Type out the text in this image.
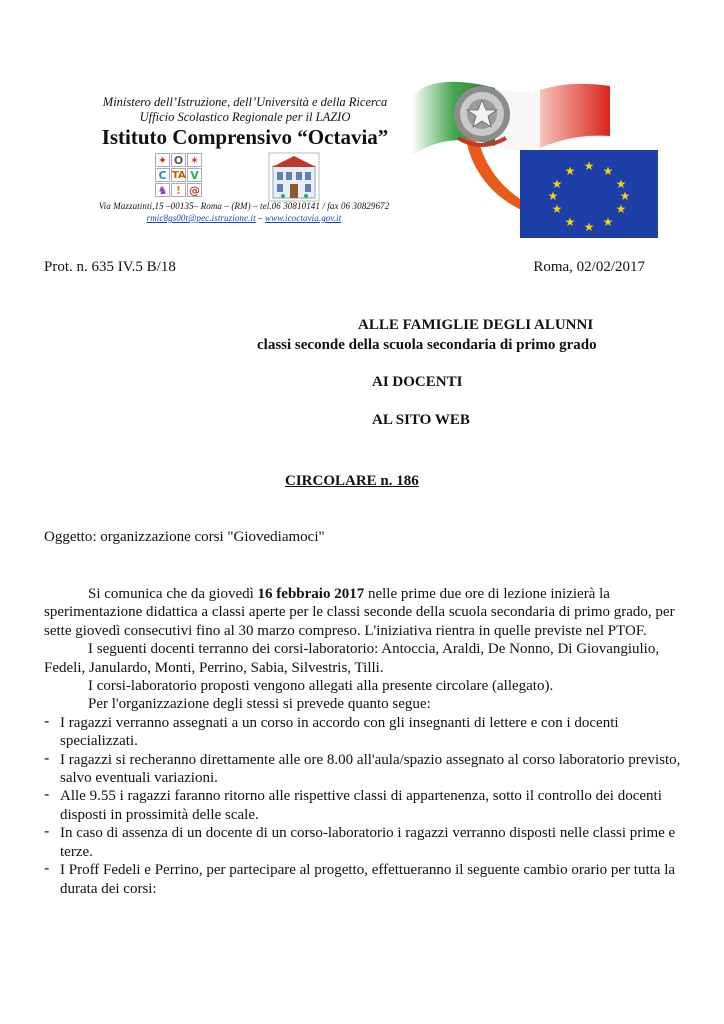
Ministero dell’Istruzione, dell’Università e della Ricerca
Ufficio Scolastico Regionale per il LAZIO
Istituto Comprensivo “Octavia”
✦ O ✶
C TA V
♞ ! @
Via Mazzatinti,15 –00135– Roma – (RM) – tel.06 30810141 / fax 06 30829672
rmic8gs00t@pec.istruzione.it – www.icoctavia.gov.it
★ ★
★
★
★
★
★
★
★
★
★
★
Prot. n. 635 IV.5 B/18	Roma, 02/02/2017
ALLE FAMIGLIE DEGLI ALUNNI
classi seconde della scuola secondaria di primo grado
AI DOCENTI
AL SITO WEB
CIRCOLARE n. 186
Oggetto: organizzazione corsi "Giovediamoci"

Si comunica che da giovedì 16 febbraio 2017 nelle prime due ore di lezione inizierà la sperimentazione didattica a classi aperte per le classi seconde della scuola secondaria di primo grado, per sette giovedì consecutivi fino al 30 marzo compreso. L'iniziativa rientra in quelle previste nel PTOF.

I seguenti docenti terranno dei corsi-laboratorio: Antoccia, Araldi, De Nonno, Di Giovangiulio, Fedeli, Janulardo, Monti, Perrino, Sabia, Silvestris, Tilli.

I corsi-laboratorio proposti vengono allegati alla presente circolare (allegato).

Per l'organizzazione degli stessi si prevede quanto segue:

- I ragazzi verranno assegnati a un corso in accordo con gli insegnanti di lettere e con i docenti specializzati.
- I ragazzi si recheranno direttamente alle ore 8.00 all'aula/spazio assegnato al corso laboratorio previsto, salvo eventuali variazioni.
- Alle 9.55 i ragazzi faranno ritorno alle rispettive classi di appartenenza, sotto il controllo dei docenti disposti in prossimità delle scale.
- In caso di assenza di un docente di un corso-laboratorio i ragazzi verranno disposti nelle classi prime e terze.
- I Proff Fedeli e Perrino, per partecipare al progetto, effettueranno il seguente cambio orario per tutta la durata dei corsi:
